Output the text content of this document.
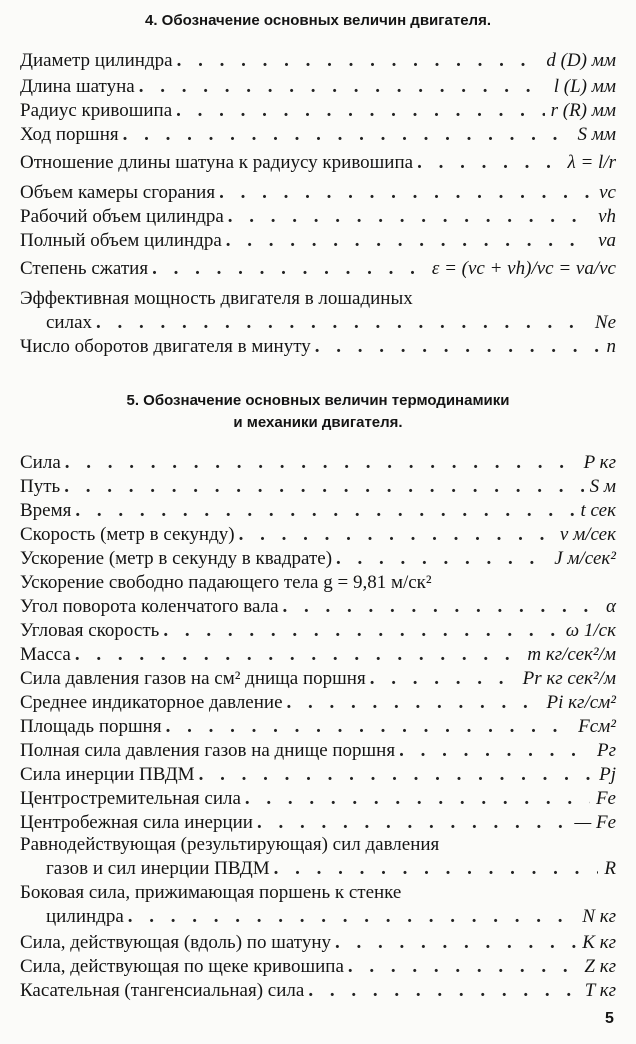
4. Обозначение основных величин двигателя.
Диаметр цилиндра . . .	d (D) мм
Длина шатуна . . .	l (L) мм
Радиус кривошипа . . .	r (R) мм
Ход поршня . . .	S мм
Отношение длины шатуна к радиусу кривошипа . . .	λ = l/r
Объем камеры сгорания . . .	vc
Рабочий объем цилиндра . . .	vh
Полный объем цилиндра . . .	va
Степень сжатия . . .	ε = (vc + vh)/vc = va/vc
Эффективная мощность двигателя в лошадиных
силах . . .	Ne
Число оборотов двигателя в минуту . . .	n
5. Обозначение основных величин термодинамики
и механики двигателя.
Сила . . .	P кг
Путь . . .	S м
Время . . .	t сек
Скорость (метр в секунду) . . .	v м/сек
Ускорение (метр в секунду в квадрате) . . .	J м/сек²
Ускорение свободно падающего тела g = 9,81 м/ск²
Угол поворота коленчатого вала . . .	α
Угловая скорость . . .	ω 1/ск
Масса . . .	m кг/сек²/м
Сила давления газов на см² днища поршня . . .	Pr кг сек²/м
Среднее индикаторное давление . . .	Pi кг/см²
Площадь поршня . . .	Fсм²
Полная сила давления газов на днище поршня . . .	Pг
Сила инерции ПВДМ . . .	Pj
Центростремительная сила . . .	Fe
Центробежная сила инерции . . .	— Fe
Равнодействующая (результирующая) сил давления
газов и сил инерции ПВДМ . . .	R
Боковая сила, прижимающая поршень к стенке
цилиндра . . .	N кг
Сила, действующая (вдоль) по шатуну . . .	K кг
Сила, действующая по щеке кривошипа . . .	Z кг
Касательная (тангенсиальная) сила . . .	T кг
5
